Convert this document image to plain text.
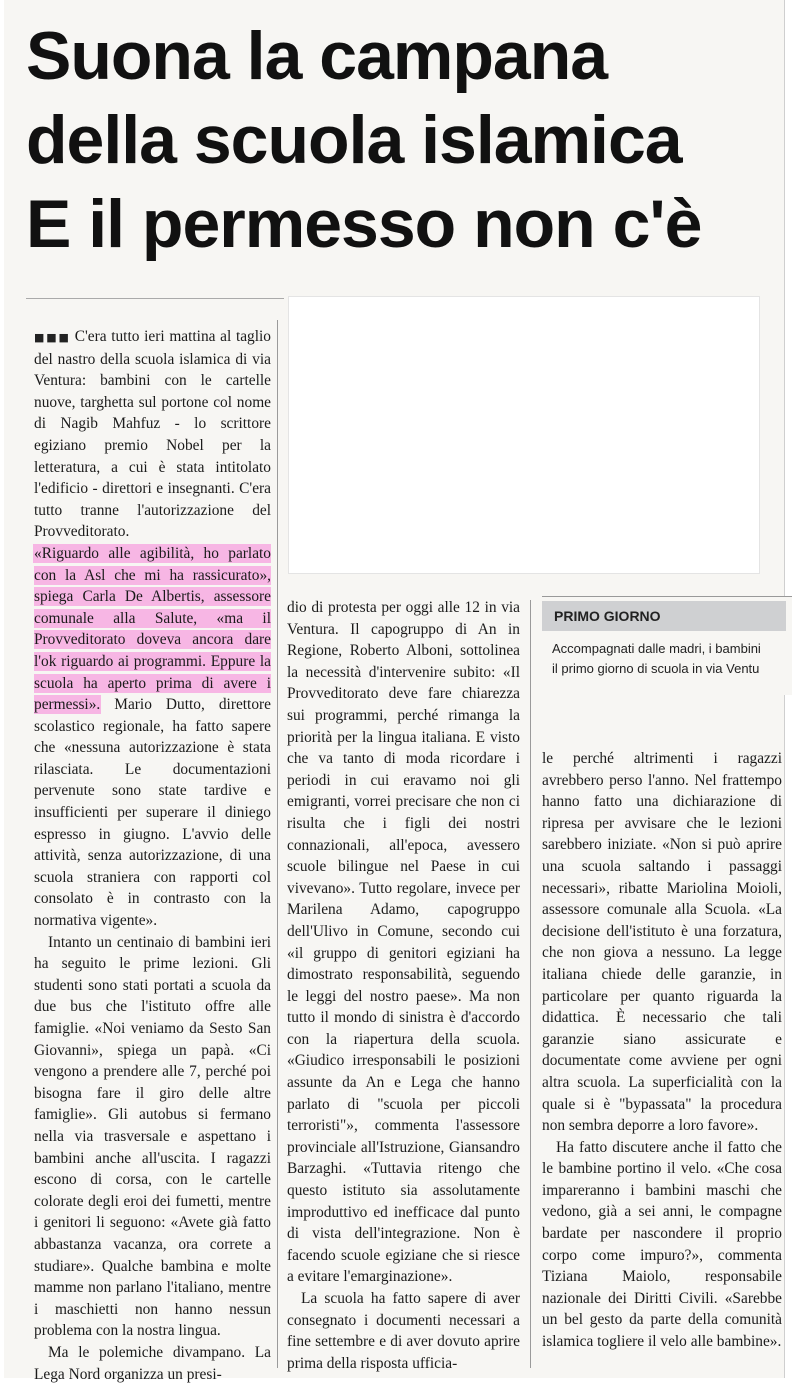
Suona la campana
della scuola islamica
E il permesso non c'è

■■■ C'era tutto ieri mattina al taglio del nastro della scuola islamica di via Ventura: bambini con le cartelle nuove, targhetta sul portone col nome di Nagib Mahfuz - lo scrittore egiziano premio Nobel per la letteratura, a cui è stata intitolato l'edificio - direttori e insegnanti. C'era tutto tranne l'autorizzazione del Provveditorato.

«Riguardo alle agibilità, ho parlato con la Asl che mi ha rassicurato», spiega Carla De Albertis, assessore comunale alla Salute, «ma il Provveditorato doveva ancora dare l'ok riguardo ai programmi. Eppure la scuola ha aperto prima di avere i permessi». Mario Dutto, direttore scolastico regionale, ha fatto sapere che «nessuna autorizzazione è stata rilasciata. Le documentazioni pervenute sono state tardive e insufficienti per superare il diniego espresso in giugno. L'avvio delle attività, senza autorizzazione, di una scuola straniera con rapporti col consolato è in contrasto con la normativa vigente».

Intanto un centinaio di bambini ieri ha seguito le prime lezioni. Gli studenti sono stati portati a scuola da due bus che l'istituto offre alle famiglie. «Noi veniamo da Sesto San Giovanni», spiega un papà. «Ci vengono a prendere alle 7, perché poi bisogna fare il giro delle altre famiglie». Gli autobus si fermano nella via trasversale e aspettano i bambini anche all'uscita. I ragazzi escono di corsa, con le cartelle colorate degli eroi dei fumetti, mentre i genitori li seguono: «Avete già fatto abbastanza vacanza, ora correte a studiare». Qualche bambina e molte mamme non parlano l'italiano, mentre i maschietti non hanno nessun problema con la nostra lingua.

Ma le polemiche divampano. La Lega Nord organizza un presi-

dio di protesta per oggi alle 12 in via Ventura. Il capogruppo di An in Regione, Roberto Alboni, sottolinea la necessità d'intervenire subito: «Il Provveditorato deve fare chiarezza sui programmi, perché rimanga la priorità per la lingua italiana. E visto che va tanto di moda ricordare i periodi in cui eravamo noi gli emigranti, vorrei precisare che non ci risulta che i figli dei nostri connazionali, all'epoca, avessero scuole bilingue nel Paese in cui vivevano». Tutto regolare, invece per Marilena Adamo, capogruppo dell'Ulivo in Comune, secondo cui «il gruppo di genitori egiziani ha dimostrato responsabilità, seguendo le leggi del nostro paese». Ma non tutto il mondo di sinistra è d'accordo con la riapertura della scuola. «Giudico irresponsabili le posizioni assunte da An e Lega che hanno parlato di "scuola per piccoli terroristi"», commenta l'assessore provinciale all'Istruzione, Giansandro Barzaghi. «Tuttavia ritengo che questo istituto sia assolutamente improduttivo ed inefficace dal punto di vista dell'integrazione. Non è facendo scuole egiziane che si riesce a evitare l'emarginazione».

La scuola ha fatto sapere di aver consegnato i documenti necessari a fine settembre e di aver dovuto aprire prima della risposta ufficia-

PRIMO GIORNO
Accompagnati dalle madri, i bambini
il primo giorno di scuola in via Ventu

le perché altrimenti i ragazzi avrebbero perso l'anno. Nel frattempo hanno fatto una dichiarazione di ripresa per avvisare che le lezioni sarebbero iniziate. «Non si può aprire una scuola saltando i passaggi necessari», ribatte Mariolina Moioli, assessore comunale alla Scuola. «La decisione dell'istituto è una forzatura, che non giova a nessuno. La legge italiana chiede delle garanzie, in particolare per quanto riguarda la didattica. È necessario che tali garanzie siano assicurate e documentate come avviene per ogni altra scuola. La superficialità con la quale si è "bypassata" la procedura non sembra deporre a loro favore».

Ha fatto discutere anche il fatto che le bambine portino il velo. «Che cosa impareranno i bambini maschi che vedono, già a sei anni, le compagne bardate per nascondere il proprio corpo come impuro?», commenta Tiziana Maiolo, responsabile nazionale dei Diritti Civili. «Sarebbe un bel gesto da parte della comunità islamica togliere il velo alle bambine».
